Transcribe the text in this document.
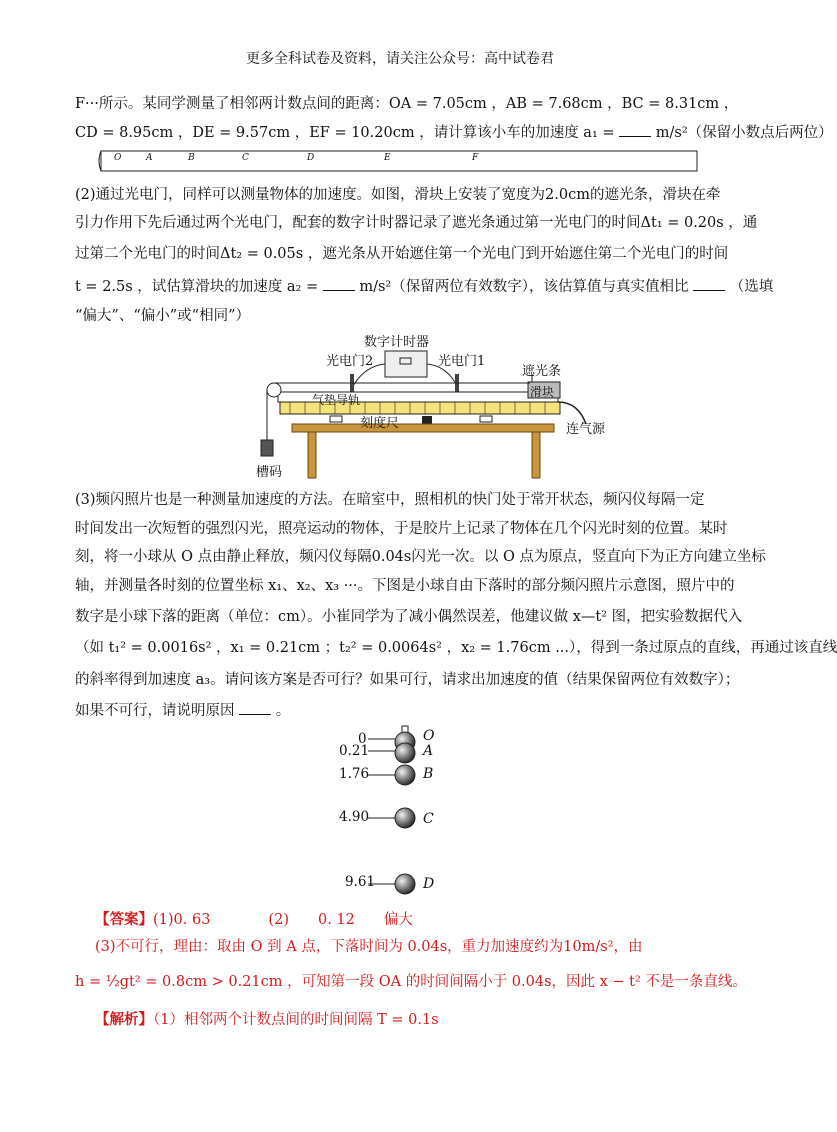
更多全科试卷及资料，请关注公众号：高中试卷君
F···所示。某同学测量了相邻两计数点间的距离：OA = 7.05cm ，AB = 7.68cm ，BC = 8.31cm ，
CD = 8.95cm ，DE = 9.57cm ，EF = 10.20cm ，请计算该小车的加速度 a₁ =	m/s²（保留小数点后两位）
O	A	B	C	D	E	F
(2)通过光电门，同样可以测量物体的加速度。如图，滑块上安装了宽度为2.0cm的遮光条，滑块在牵
引力作用下先后通过两个光电门，配套的数字计时器记录了遮光条通过第一光电门的时间Δt₁ = 0.20s ，通
过第二个光电门的时间Δt₂ = 0.05s ，遮光条从开始遮住第一个光电门到开始遮住第二个光电门的时间
t = 2.5s ，试估算滑块的加速度 a₂ =	m/s²（保留两位有效数字），该估算值与真实值相比	（选填
“偏大”、“偏小”或“相同”）
数字计时器
光电门2	光电门1
遮光条
滑块
气垫导轨
刻度尺	连气源
槽码
(3)频闪照片也是一种测量加速度的方法。在暗室中，照相机的快门处于常开状态，频闪仪每隔一定
时间发出一次短暂的强烈闪光，照亮运动的物体，于是胶片上记录了物体在几个闪光时刻的位置。某时
刻，将一小球从 O 点由静止释放，频闪仪每隔0.04s闪光一次。以 O 点为原点，竖直向下为正方向建立坐标
轴，并测量各时刻的位置坐标 x₁、x₂、x₃ ···。下图是小球自由下落时的部分频闪照片示意图，照片中的
数字是小球下落的距离（单位：cm）。小崔同学为了减小偶然误差，他建议做 x—t² 图，把实验数据代入
（如 t₁² = 0.0016s² ，x₁ = 0.21cm ；t₂² = 0.0064s² ，x₂ = 1.76cm ...），得到一条过原点的直线，再通过该直线
的斜率得到加速度 a₃。请问该方案是否可行？如果可行，请求出加速度的值（结果保留两位有效数字）；
如果不可行，请说明原因	。
0
0.21
1.76
4.90
9.61
O
A
B
C
D
【答案】(1)0. 63　　　　(2)　　0. 12　　偏大
(3)不可行，理由：取由 O 到 A 点，下落时间为 0.04s，重力加速度约为10m/s²，由
h = ½gt² = 0.8cm > 0.21cm ，可知第一段 OA 的时间间隔小于 0.04s，因此 x − t² 不是一条直线。
【解析】（1）相邻两个计数点间的时间间隔 T = 0.1s
